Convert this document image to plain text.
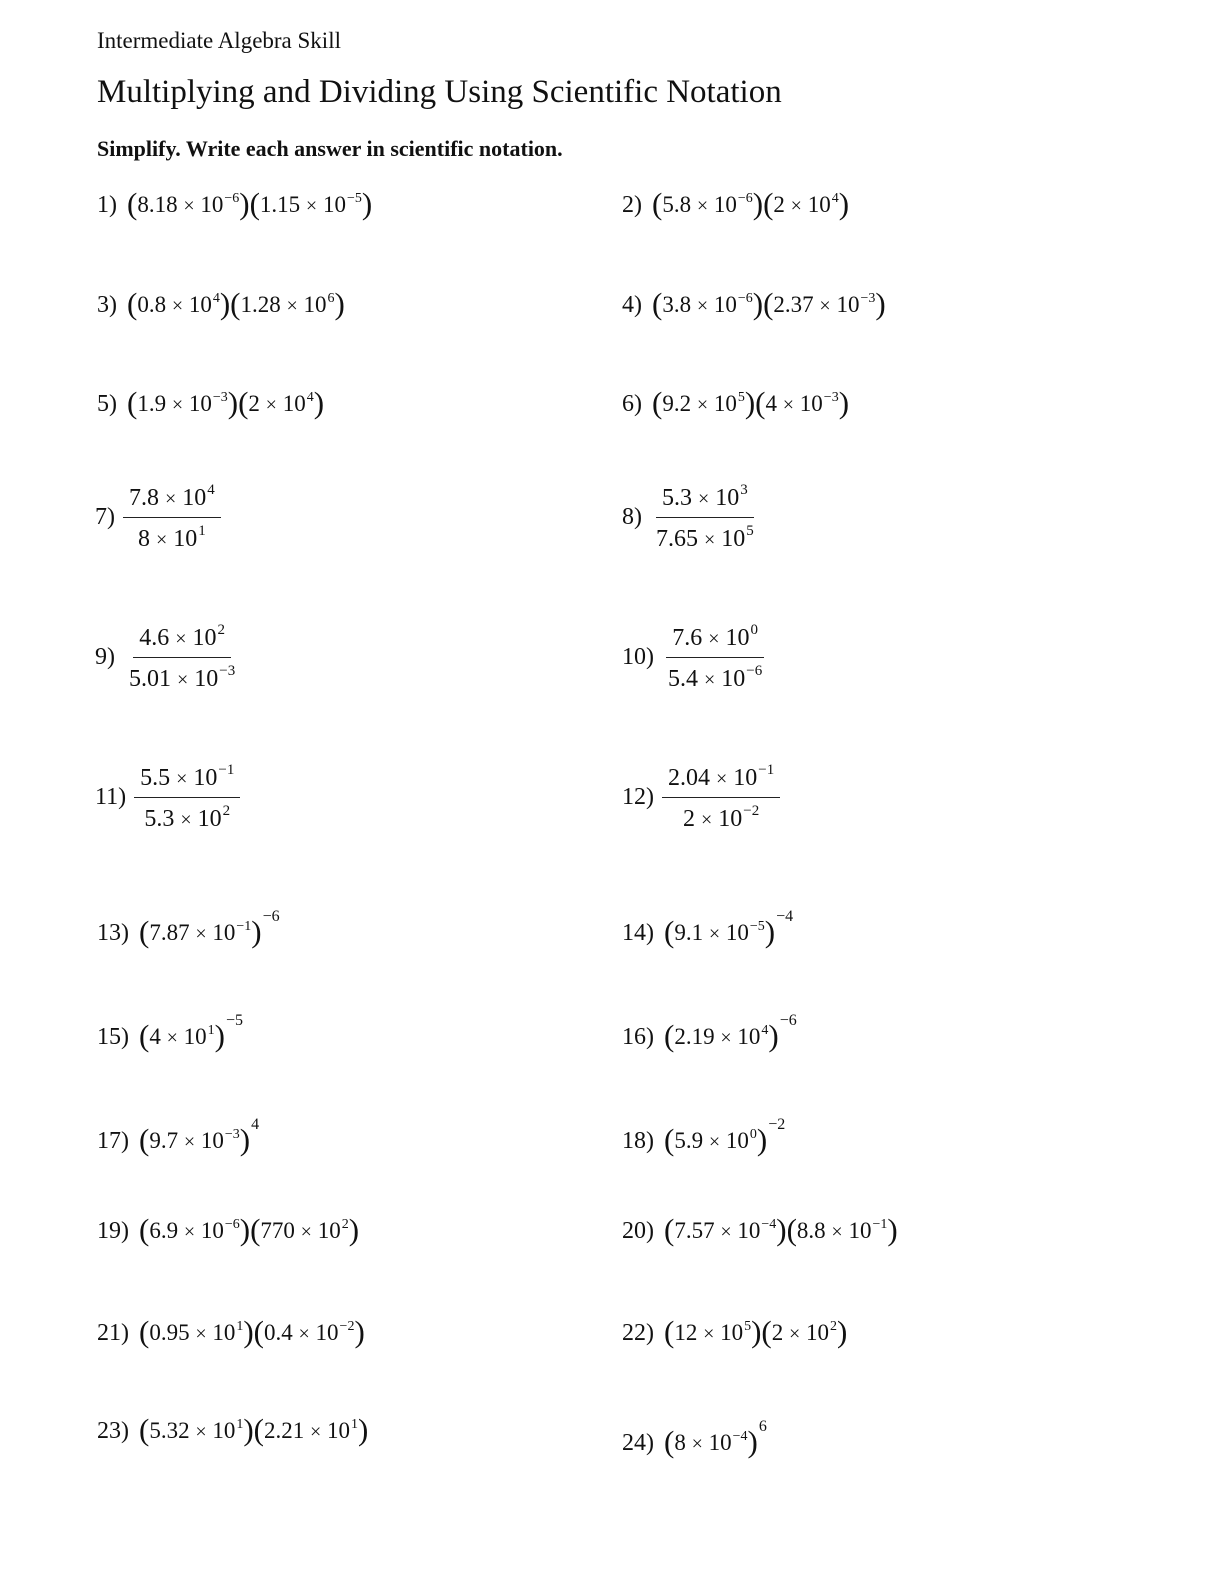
Intermediate Algebra Skill
Multiplying and Dividing Using Scientific Notation
Simplify. Write each answer in scientific notation.
1) $(8.18 \times 10^{-6})(1.15 \times 10^{-5})$	2) $(5.8 \times 10^{-6})(2 \times 10^4)$
3) $(0.8 \times 10^4)(1.28 \times 10^6)$	4) $(3.8 \times 10^{-6})(2.37 \times 10^{-3})$
5) $(1.9 \times 10^{-3})(2 \times 10^4)$	6) $(9.2 \times 10^5)(4 \times 10^{-3})$
$7) \frac{7.8 \times 10^4}{8 \times 10^1}$	$8) \frac{5.3 \times 10^3}{7.65 \times 10^5}$
$9) \frac{4.6 \times 10^2}{5.01 \times 10^{-3}}$	$10) \frac{7.6 \times 10^0}{5.4 \times 10^{-6}}$
$11) \frac{5.5 \times 10^{-1}}{5.3 \times 10^2}$	$12) \frac{2.04 \times 10^{-1}}{2 \times 10^{-2}}$
13) $(7.87 \times 10^{-1})^{-6}$
14) $(9.1 \times 10^{-5})^{-4}$
15) $(4 \times 10^1)^{-5}$
16) $(2.19 \times 10^4)^{-6}$
17) $(9.7 \times 10^{-3})^4$
18) $(5.9 \times 10^0)^{-2}$
19) $(6.9 \times 10^{-6})(770 \times 10^2)$	20) $(7.57 \times 10^{-4})(8.8 \times 10^{-1})$
21) $(0.95 \times 10^1)(0.4 \times 10^{-2})$	22) $(12 \times 10^5)(2 \times 10^2)$
23) $(5.32 \times 10^1)(2.21 \times 10^1)$	24) $(8 \times 10^{-4})^6$
